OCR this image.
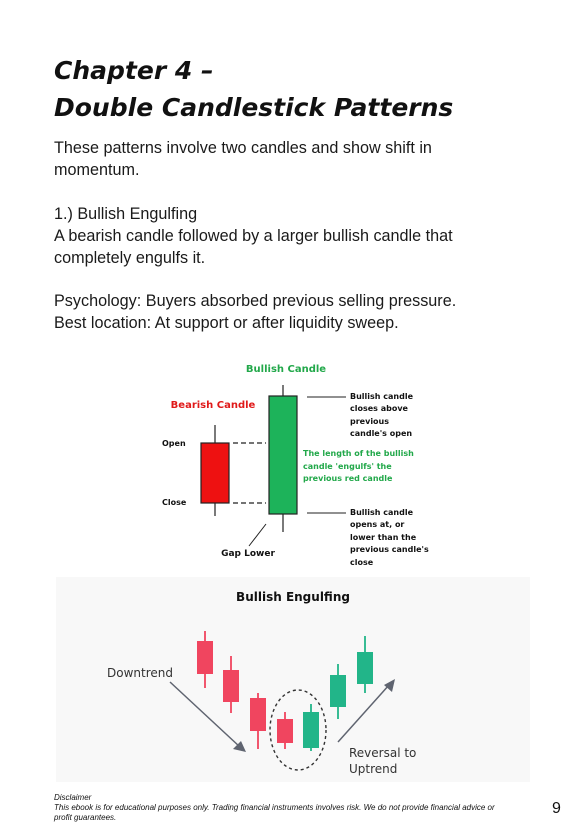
Chapter 4 –
Double Candlestick Patterns

These patterns involve two candles and show shift in
momentum.

1.) Bullish Engulfing
A bearish candle followed by a larger bullish candle that
completely engulfs it.

Psychology: Buyers absorbed previous selling pressure.
Best location: At support or after liquidity sweep.

Bullish Candle
Bearish Candle
Open
Close
Gap Lower
Bullish candle closes above previous candle's open
The length of the bullish candle 'engulfs' the previous red candle
Bullish candle opens at, or lower than the previous candle's close
Bullish Engulfing
Downtrend
Reversal to Uptrend
Disclaimer
This ebook is for educational purposes only. Trading financial instruments involves risk. We do not provide financial advice or
profit guarantees.
9
